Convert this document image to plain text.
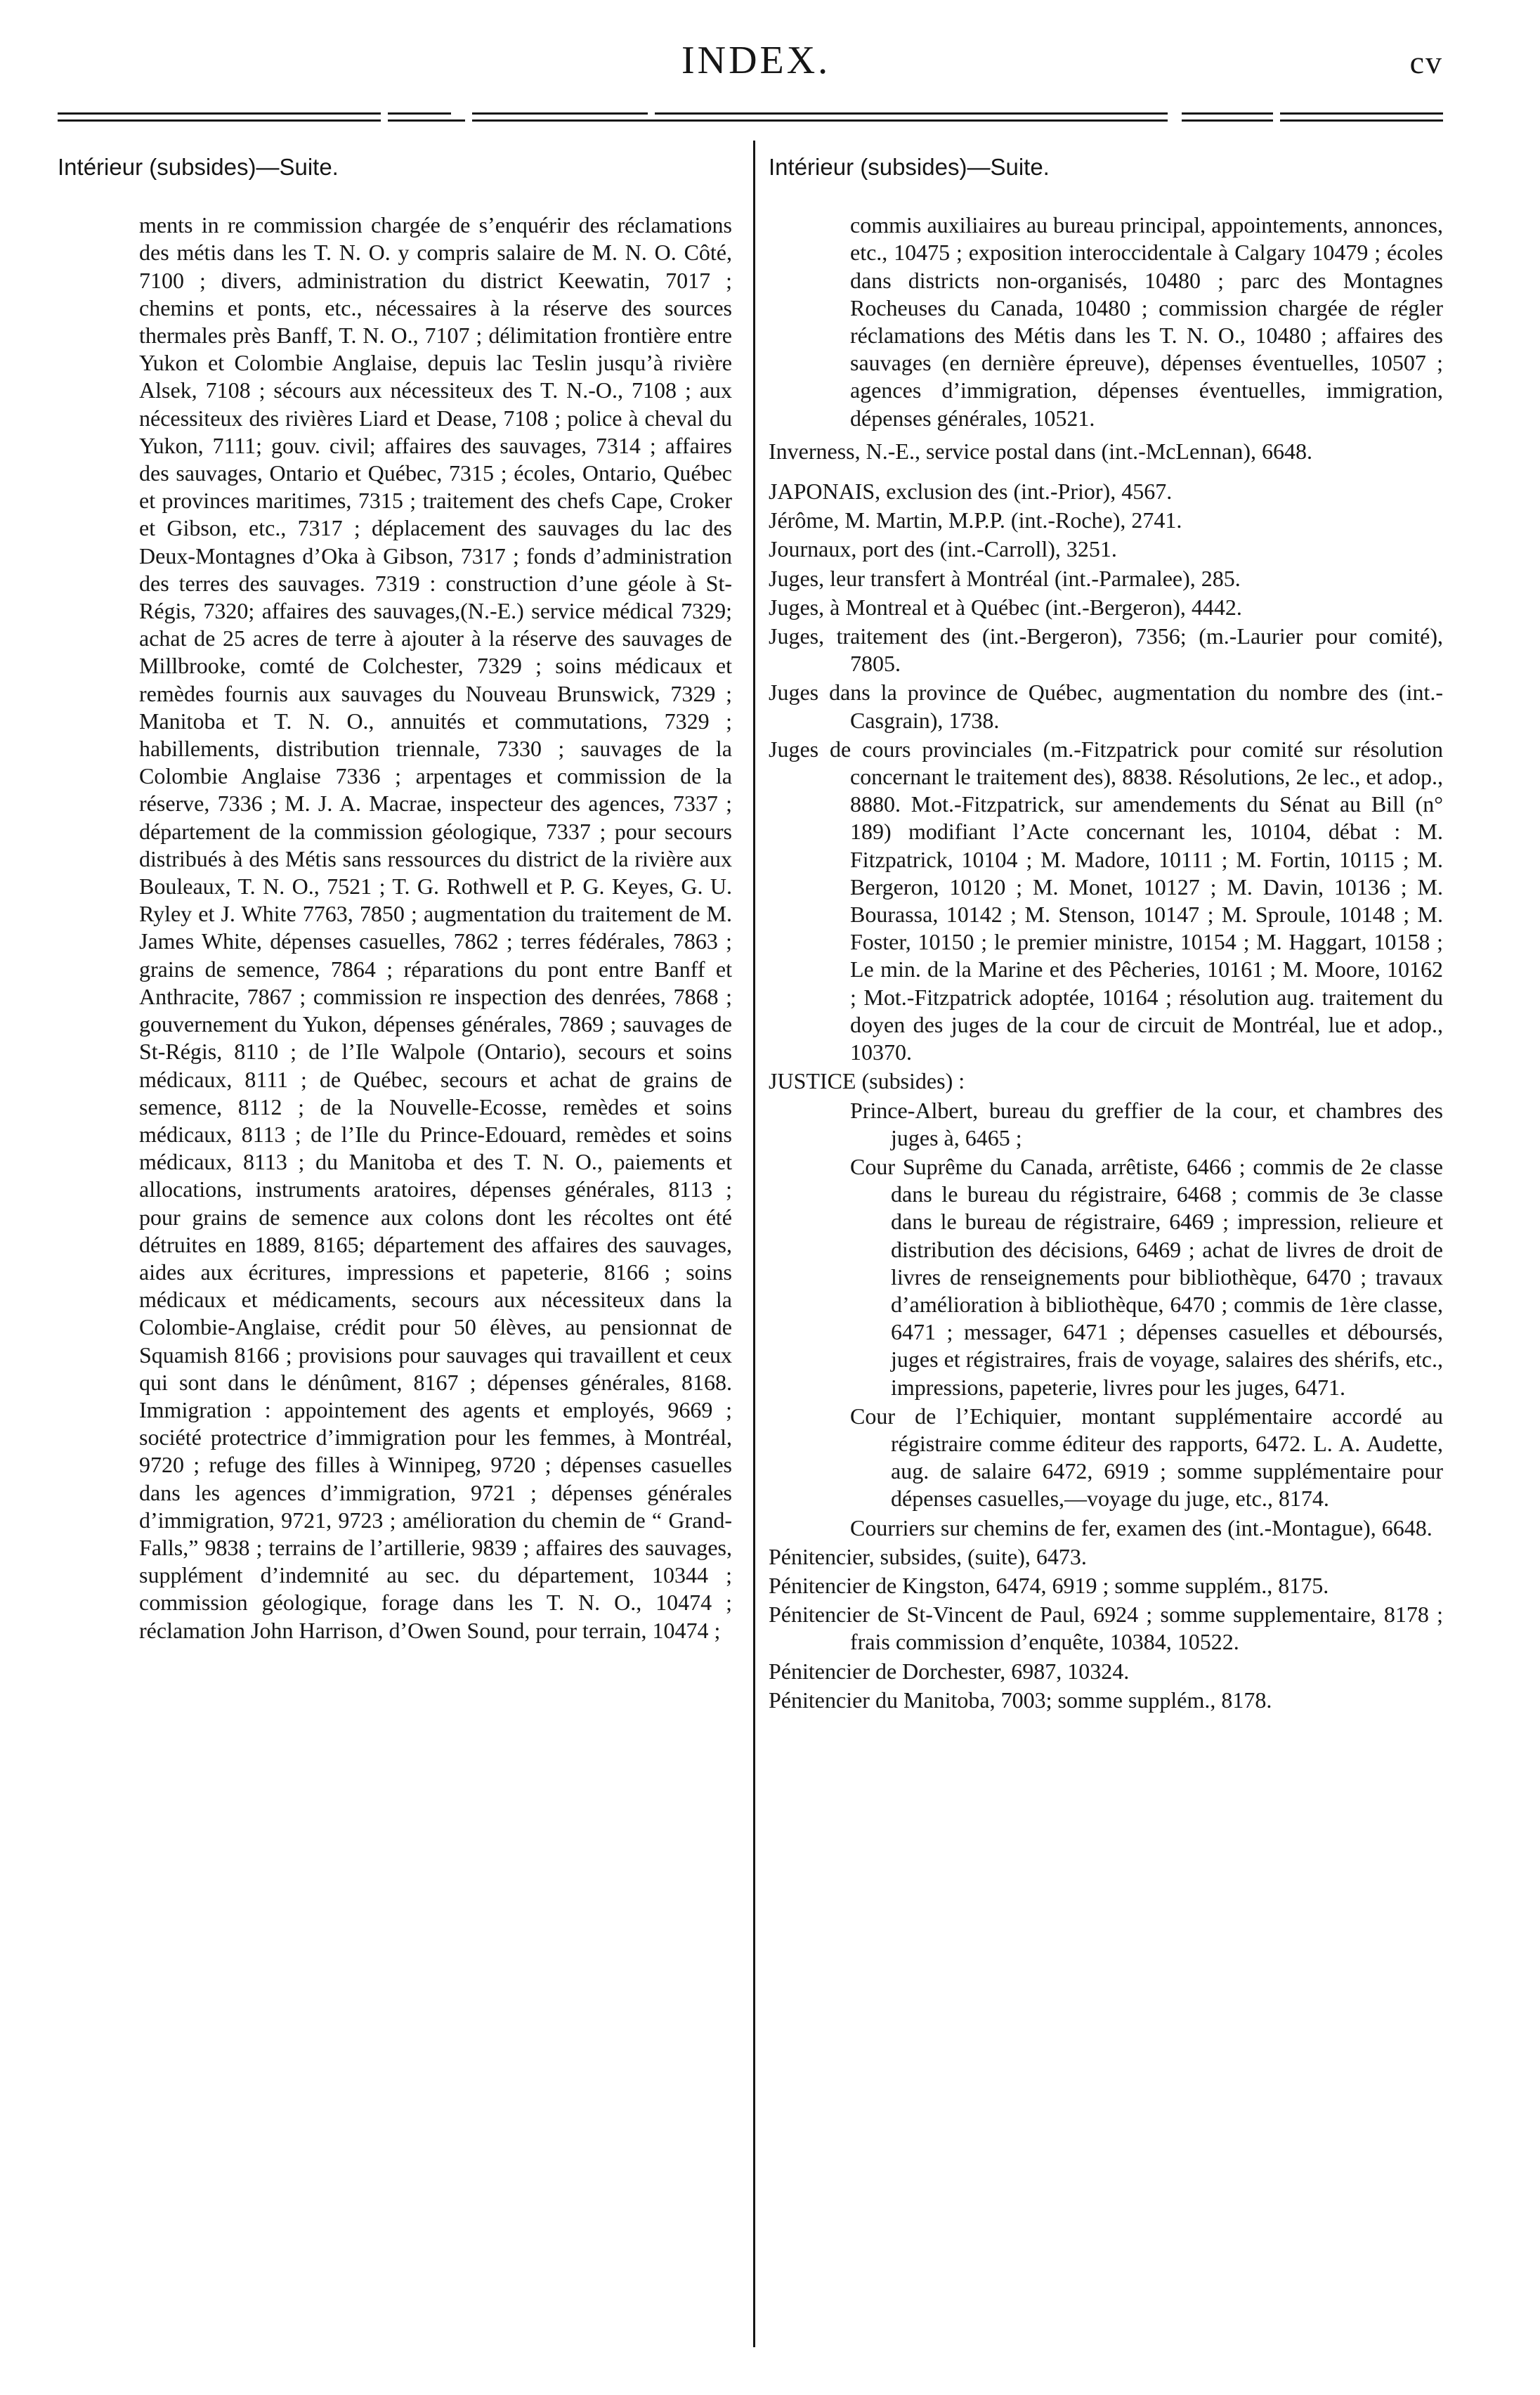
INDEX.	cv

Intérieur (subsides)—Suite.

ments in re commission chargée de s’enquérir des réclamations des métis dans les T. N. O. y compris salaire de M. N. O. Côté, 7100 ; divers, administration du district Keewatin, 7017 ; chemins et ponts, etc., nécessaires à la réserve des sources thermales près Banff, T. N. O., 7107 ; délimitation frontière entre Yukon et Colombie Anglaise, depuis lac Teslin jusqu’à rivière Alsek, 7108 ; sécours aux nécessiteux des T. N.-O., 7108 ; aux nécessiteux des rivières Liard et Dease, 7108 ; police à cheval du Yukon, 7111; gouv. civil; affaires des sauvages, 7314 ; affaires des sauvages, Ontario et Québec, 7315 ; écoles, Ontario, Québec et provinces maritimes, 7315 ; traitement des chefs Cape, Croker et Gibson, etc., 7317 ; déplacement des sauvages du lac des Deux-Montagnes d’Oka à Gibson, 7317 ; fonds d’administration des terres des sauvages. 7319 : construction d’une géole à St-Régis, 7320; affaires des sauvages,(N.-E.) service médical 7329; achat de 25 acres de terre à ajouter à la réserve des sauvages de Millbrooke, comté de Colchester, 7329 ; soins médicaux et remèdes fournis aux sauvages du Nouveau Brunswick, 7329 ; Manitoba et T. N. O., annuités et commutations, 7329 ; habillements, distribution triennale, 7330 ; sauvages de la Colombie Anglaise 7336 ; arpentages et commission de la réserve, 7336 ; M. J. A. Macrae, inspecteur des agences, 7337 ; département de la commission géologique, 7337 ; pour secours distribués à des Métis sans ressources du district de la rivière aux Bouleaux, T. N. O., 7521 ; T. G. Rothwell et P. G. Keyes, G. U. Ryley et J. White 7763, 7850 ; augmentation du traitement de M. James White, dépenses casuelles, 7862 ; terres fédérales, 7863 ; grains de semence, 7864 ; réparations du pont entre Banff et Anthracite, 7867 ; commission re inspection des denrées, 7868 ; gouvernement du Yukon, dépenses générales, 7869 ; sauvages de St-Régis, 8110 ; de l’Ile Walpole (Ontario), secours et soins médicaux, 8111 ; de Québec, secours et achat de grains de semence, 8112 ; de la Nouvelle-Ecosse, remèdes et soins médicaux, 8113 ; de l’Ile du Prince-Edouard, remèdes et soins médicaux, 8113 ; du Manitoba et des T. N. O., paiements et allocations, instruments aratoires, dépenses générales, 8113 ; pour grains de semence aux colons dont les récoltes ont été détruites en 1889, 8165; département des affaires des sauvages, aides aux écritures, impressions et papeterie, 8166 ; soins médicaux et médicaments, secours aux nécessiteux dans la Colombie-Anglaise, crédit pour 50 élèves, au pensionnat de Squamish 8166 ; provisions pour sauvages qui travaillent et ceux qui sont dans le dénûment, 8167 ; dépenses générales, 8168. Immigration : appointement des agents et employés, 9669 ; société protectrice d’immigration pour les femmes, à Montréal, 9720 ; refuge des filles à Winnipeg, 9720 ; dépenses casuelles dans les agences d’immigration, 9721 ; dépenses générales d’immigration, 9721, 9723 ; amélioration du chemin de “ Grand-Falls,” 9838 ; terrains de l’artillerie, 9839 ; affaires des sauvages, supplément d’indemnité au sec. du département, 10344 ; commission géologique, forage dans les T. N. O., 10474 ; réclamation John Harrison, d’Owen Sound, pour terrain, 10474 ;

Intérieur (subsides)—Suite.

commis auxiliaires au bureau principal, appointements, annonces, etc., 10475 ; exposition interoccidentale à Calgary 10479 ; écoles dans districts non-organisés, 10480 ; parc des Montagnes Rocheuses du Canada, 10480 ; commission chargée de régler réclamations des Métis dans les T. N. O., 10480 ; affaires des sauvages (en dernière épreuve), dépenses éventuelles, 10507 ; agences d’immigration, dépenses éventuelles, immigration, dépenses générales, 10521.

Inverness, N.-E., service postal dans (int.-McLennan), 6648.

JAPONAIS, exclusion des (int.-Prior), 4567.

Jérôme, M. Martin, M.P.P. (int.-Roche), 2741.

Journaux, port des (int.-Carroll), 3251.

Juges, leur transfert à Montréal (int.-Parmalee), 285.

Juges, à Montreal et à Québec (int.-Bergeron), 4442.

Juges, traitement des (int.-Bergeron), 7356; (m.-Laurier pour comité), 7805.

Juges dans la province de Québec, augmentation du nombre des (int.-Casgrain), 1738.

Juges de cours provinciales (m.-Fitzpatrick pour comité sur résolution concernant le traitement des), 8838. Résolutions, 2e lec., et adop., 8880. Mot.-Fitzpatrick, sur amendements du Sénat au Bill (n° 189) modifiant l’Acte concernant les, 10104, débat : M. Fitzpatrick, 10104 ; M. Madore, 10111 ; M. Fortin, 10115 ; M. Bergeron, 10120 ; M. Monet, 10127 ; M. Davin, 10136 ; M. Bourassa, 10142 ; M. Stenson, 10147 ; M. Sproule, 10148 ; M. Foster, 10150 ; le premier ministre, 10154 ; M. Haggart, 10158 ; Le min. de la Marine et des Pêcheries, 10161 ; M. Moore, 10162 ; Mot.-Fitzpatrick adoptée, 10164 ; résolution aug. traitement du doyen des juges de la cour de circuit de Montréal, lue et adop., 10370.

JUSTICE (subsides) :

Prince-Albert, bureau du greffier de la cour, et chambres des juges à, 6465 ;

Cour Suprême du Canada, arrêtiste, 6466 ; commis de 2e classe dans le bureau du régistraire, 6468 ; commis de 3e classe dans le bureau de régistraire, 6469 ; impression, relieure et distribution des décisions, 6469 ; achat de livres de droit de livres de renseignements pour bibliothèque, 6470 ; travaux d’amélioration à bibliothèque, 6470 ; commis de 1ère classe, 6471 ; messager, 6471 ; dépenses casuelles et déboursés, juges et régistraires, frais de voyage, salaires des shérifs, etc., impressions, papeterie, livres pour les juges, 6471.

Cour de l’Echiquier, montant supplémentaire accordé au régistraire comme éditeur des rapports, 6472. L. A. Audette, aug. de salaire 6472, 6919 ; somme supplémentaire pour dépenses casuelles,—voyage du juge, etc., 8174.

Courriers sur chemins de fer, examen des (int.-Montague), 6648.

Pénitencier, subsides, (suite), 6473.

Pénitencier de Kingston, 6474, 6919 ; somme supplém., 8175.

Pénitencier de St-Vincent de Paul, 6924 ; somme supplementaire, 8178 ; frais commission d’enquête, 10384, 10522.

Pénitencier de Dorchester, 6987, 10324.

Pénitencier du Manitoba, 7003; somme supplém., 8178.
